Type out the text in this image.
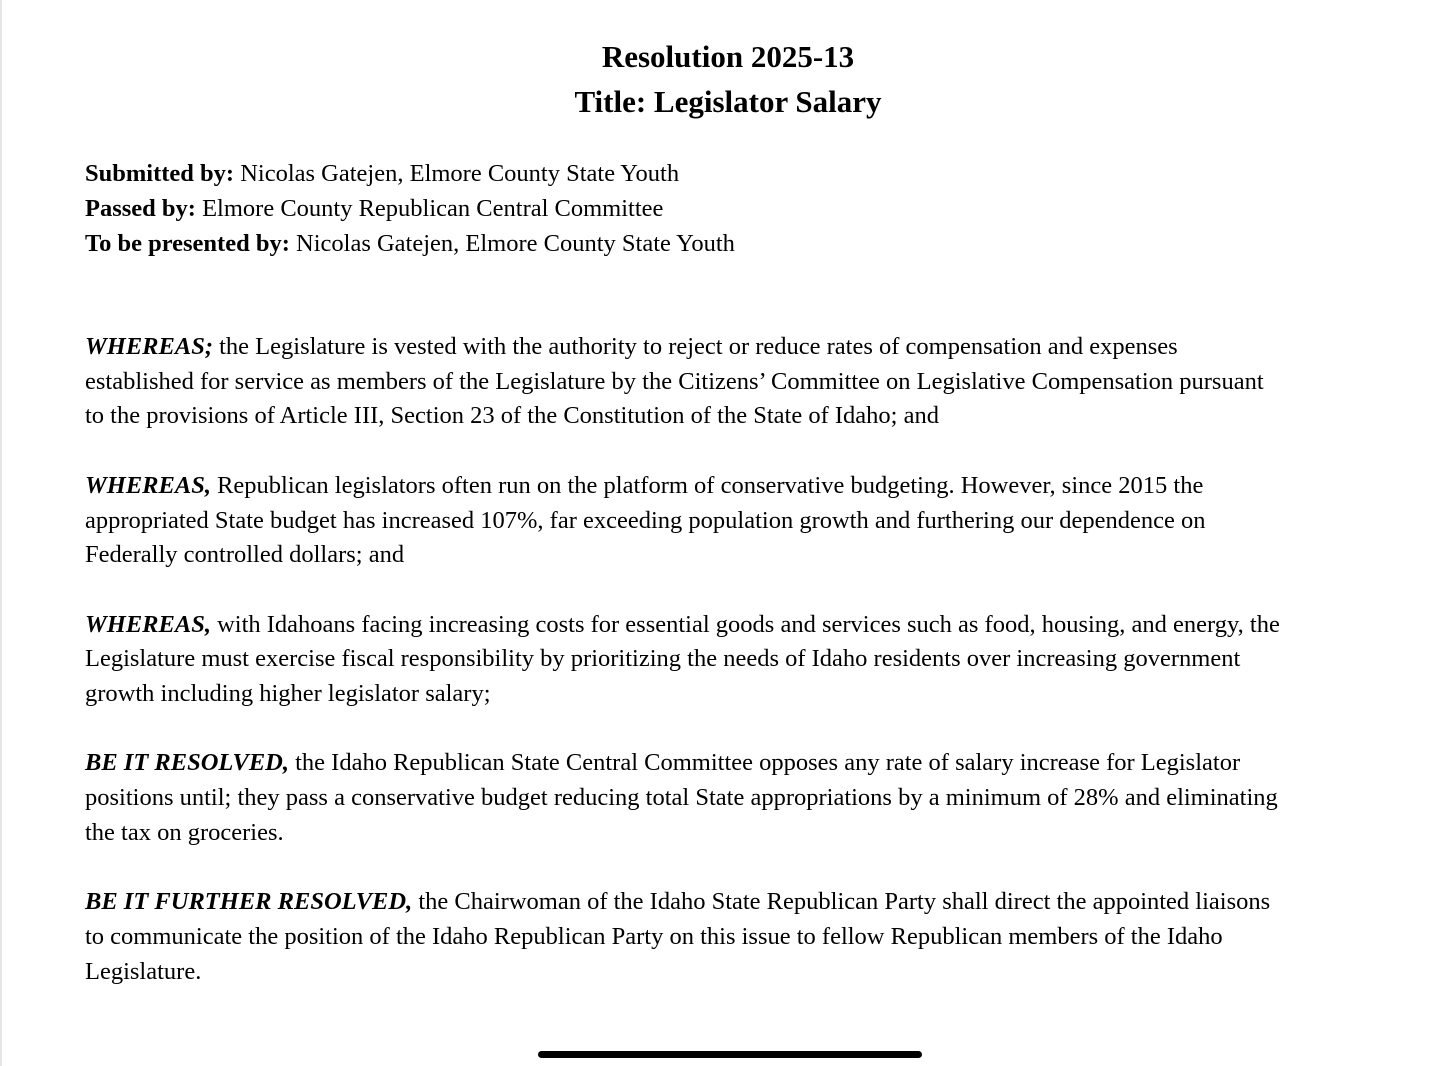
Resolution 2025-13
Title: Legislator Salary
Submitted by: Nicolas Gatejen, Elmore County State Youth
Passed by: Elmore County Republican Central Committee
To be presented by: Nicolas Gatejen, Elmore County State Youth
WHEREAS; the Legislature is vested with the authority to reject or reduce rates of compensation and expenses
established for service as members of the Legislature by the Citizens’ Committee on Legislative Compensation pursuant
to the provisions of Article III, Section 23 of the Constitution of the State of Idaho; and
WHEREAS, Republican legislators often run on the platform of conservative budgeting. However, since 2015 the
appropriated State budget has increased 107%, far exceeding population growth and furthering our dependence on
Federally controlled dollars; and
WHEREAS, with Idahoans facing increasing costs for essential goods and services such as food, housing, and energy, the
Legislature must exercise fiscal responsibility by prioritizing the needs of Idaho residents over increasing government
growth including higher legislator salary;
BE IT RESOLVED, the Idaho Republican State Central Committee opposes any rate of salary increase for Legislator
positions until; they pass a conservative budget reducing total State appropriations by a minimum of 28% and eliminating
the tax on groceries.
BE IT FURTHER RESOLVED, the Chairwoman of the Idaho State Republican Party shall direct the appointed liaisons
to communicate the position of the Idaho Republican Party on this issue to fellow Republican members of the Idaho
Legislature.
